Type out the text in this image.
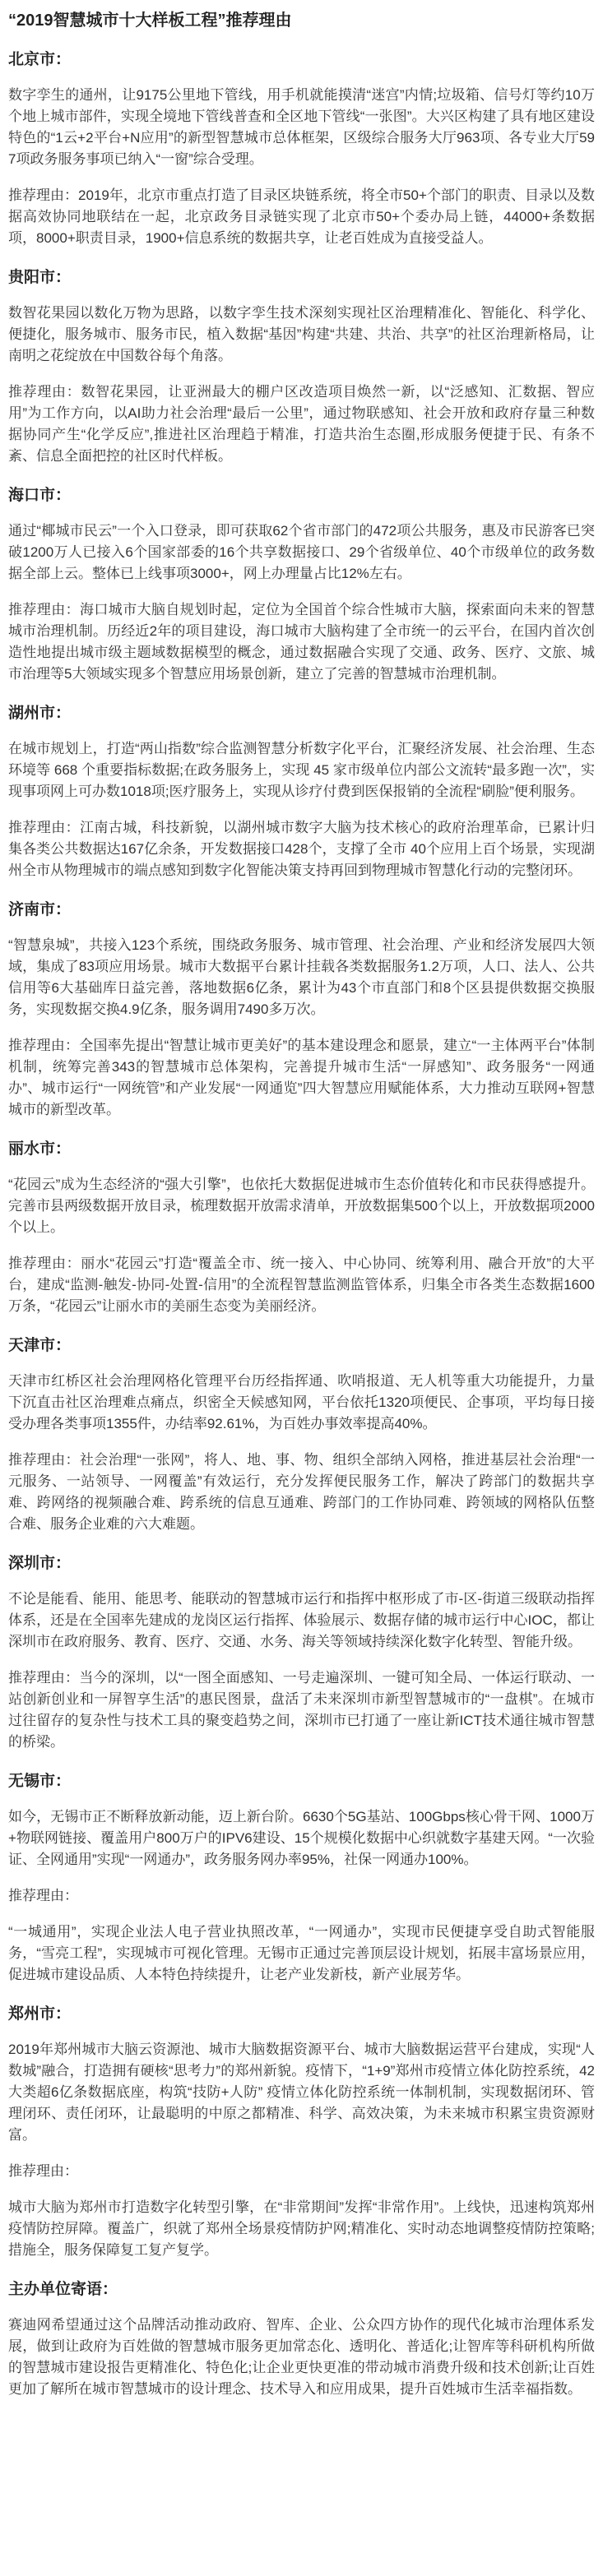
“2019智慧城市十大样板工程”推荐理由
北京市：

数字孪生的通州，让9175公里地下管线，用手机就能摸清“迷宫”内情;垃圾箱、信号灯等约10万个地上城市部件，实现全境地下管线普查和全区地下管线“一张图”。大兴区构建了具有地区建设特色的“1云+2平台+N应用”的新型智慧城市总体框架，区级综合服务大厅963项、各专业大厅597项政务服务事项已纳入“一窗”综合受理。

推荐理由：2019年，北京市重点打造了目录区块链系统，将全市50+个部门的职责、目录以及数据高效协同地联结在一起，北京政务目录链实现了北京市50+个委办局上链，44000+条数据项，8000+职责目录，1900+信息系统的数据共享，让老百姓成为直接受益人。

贵阳市：

数智花果园以数化万物为思路，以数字孪生技术深刻实现社区治理精准化、智能化、科学化、便捷化，服务城市、服务市民，植入数据“基因”构建“共建、共治、共享”的社区治理新格局，让南明之花绽放在中国数谷每个角落。

推荐理由：数智花果园，让亚洲最大的棚户区改造项目焕然一新，以“泛感知、汇数据、智应用”为工作方向，以AI助力社会治理“最后一公里”，通过物联感知、社会开放和政府存量三种数据协同产生“化学反应”,推进社区治理趋于精准，打造共治生态圈,形成服务便捷于民、有条不紊、信息全面把控的社区时代样板。

海口市：

通过“椰城市民云”一个入口登录，即可获取62个省市部门的472项公共服务，惠及市民游客已突破1200万人已接入6个国家部委的16个共享数据接口、29个省级单位、40个市级单位的政务数据全部上云。整体已上线事项3000+，网上办理量占比12%左右。

推荐理由：海口城市大脑自规划时起，定位为全国首个综合性城市大脑，探索面向未来的智慧城市治理机制。历经近2年的项目建设，海口城市大脑构建了全市统一的云平台，在国内首次创造性地提出城市级主题域数据模型的概念，通过数据融合实现了交通、政务、医疗、文旅、城市治理等5大领域实现多个智慧应用场景创新，建立了完善的智慧城市治理机制。

湖州市：

在城市规划上，打造“两山指数”综合监测智慧分析数字化平台，汇聚经济发展、社会治理、生态环境等 668 个重要指标数据;在政务服务上，实现 45 家市级单位内部公文流转“最多跑一次”，实现事项网上可办数1018项;医疗服务上，实现从诊疗付费到医保报销的全流程“刷脸”便利服务。

推荐理由：江南古城，科技新貌，以湖州城市数字大脑为技术核心的政府治理革命，已累计归集各类公共数据达167亿余条，开发数据接口428个，支撑了全市 40个应用上百个场景，实现湖州全市从物理城市的端点感知到数字化智能决策支持再回到物理城市智慧化行动的完整闭环。

济南市：

“智慧泉城”，共接入123个系统，围绕政务服务、城市管理、社会治理、产业和经济发展四大领域，集成了83项应用场景。城市大数据平台累计挂载各类数据服务1.2万项，人口、法人、公共信用等6大基础库日益完善，落地数据6亿条，累计为43个市直部门和8个区县提供数据交换服务，实现数据交换4.9亿条，服务调用7490多万次。

推荐理由：全国率先提出“智慧让城市更美好”的基本建设理念和愿景，建立“一主体两平台”体制机制，统筹完善343的智慧城市总体架构，完善提升城市生活“一屏感知”、政务服务“一网通办”、城市运行“一网统管”和产业发展“一网通览”四大智慧应用赋能体系，大力推动互联网+智慧城市的新型改革。

丽水市：

“花园云”成为生态经济的“强大引擎”，也依托大数据促进城市生态价值转化和市民获得感提升。完善市县两级数据开放目录，梳理数据开放需求清单，开放数据集500个以上，开放数据项2000个以上。

推荐理由：丽水“花园云”打造“覆盖全市、统一接入、中心协同、统筹利用、融合开放”的大平台，建成“监测-触发-协同-处置-信用”的全流程智慧监测监管体系，归集全市各类生态数据1600万条，“花园云”让丽水市的美丽生态变为美丽经济。

天津市：

天津市红桥区社会治理网格化管理平台历经指挥通、吹哨报道、无人机等重大功能提升，力量下沉直击社区治理难点痛点，织密全天候感知网，平台依托1320项便民、企事项，平均每日接受办理各类事项1355件，办结率92.61%，为百姓办事效率提高40%。

推荐理由：社会治理“一张网”，将人、地、事、物、组织全部纳入网格，推进基层社会治理“一元服务、一站领导、一网覆盖”有效运行，充分发挥便民服务工作，解决了跨部门的数据共享难、跨网络的视频融合难、跨系统的信息互通难、跨部门的工作协同难、跨领域的网格队伍整合难、服务企业难的六大难题。

深圳市：

不论是能看、能用、能思考、能联动的智慧城市运行和指挥中枢形成了市-区-街道三级联动指挥体系，还是在全国率先建成的龙岗区运行指挥、体验展示、数据存储的城市运行中心IOC，都让深圳市在政府服务、教育、医疗、交通、水务、海关等领域持续深化数字化转型、智能升级。

推荐理由：当今的深圳，以“一图全面感知、一号走遍深圳、一键可知全局、一体运行联动、一站创新创业和一屏智享生活”的惠民图景，盘活了未来深圳市新型智慧城市的“一盘棋”。在城市过往留存的复杂性与技术工具的聚变趋势之间，深圳市已打通了一座让新ICT技术通往城市智慧的桥梁。

无锡市：

如今，无锡市正不断释放新动能，迈上新台阶。6630个5G基站、100Gbps核心骨干网、1000万+物联网链接、覆盖用户800万户的IPV6建设、15个规模化数据中心织就数字基建天网。“一次验证、全网通用”实现“一网通办”，政务服务网办率95%，社保一网通办100%。

推荐理由：

“一城通用”，实现企业法人电子营业执照改革，“一网通办”，实现市民便捷享受自助式智能服务，“雪亮工程”，实现城市可视化管理。无锡市正通过完善顶层设计规划，拓展丰富场景应用，促进城市建设品质、人本特色持续提升，让老产业发新枝，新产业展芳华。

郑州市：

2019年郑州城市大脑云资源池、城市大脑数据资源平台、城市大脑数据运营平台建成，实现“人数城”融合，打造拥有硬核“思考力”的郑州新貌。疫情下，“1+9”郑州市疫情立体化防控系统，42大类超6亿条数据底座，构筑“技防+人防” 疫情立体化防控系统一体制机制，实现数据闭环、管理闭环、责任闭环，让最聪明的中原之都精准、科学、高效决策，为未来城市积累宝贵资源财富。

推荐理由：

城市大脑为郑州市打造数字化转型引擎，在“非常期间”发挥“非常作用”。上线快，迅速构筑郑州疫情防控屏障。覆盖广，织就了郑州全场景疫情防护网;精准化、实时动态地调整疫情防控策略;措施全，服务保障复工复产复学。

主办单位寄语：

赛迪网希望通过这个品牌活动推动政府、智库、企业、公众四方协作的现代化城市治理体系发展，做到让政府为百姓做的智慧城市服务更加常态化、透明化、普适化;让智库等科研机构所做的智慧城市建设报告更精准化、特色化;让企业更快更准的带动城市消费升级和技术创新;让百姓更加了解所在城市智慧城市的设计理念、技术导入和应用成果，提升百姓城市生活幸福指数。
